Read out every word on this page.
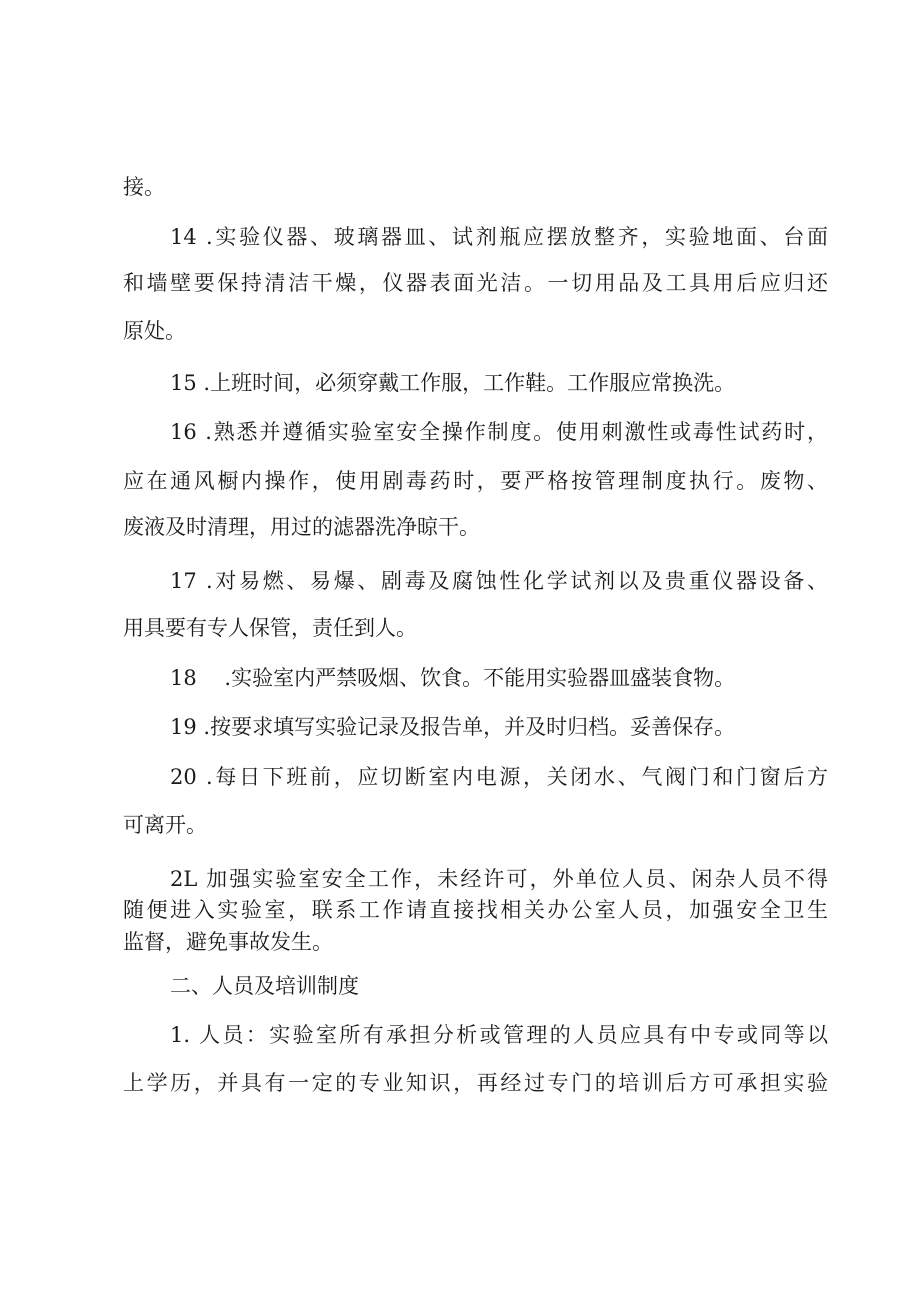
接。
14 .实验仪器、玻璃器皿、试剂瓶应摆放整齐，实验地面、台面
和墙壁要保持清洁干燥，仪器表面光洁。一切用品及工具用后应归还
原处。
15 .上班时间，必须穿戴工作服，工作鞋。工作服应常换洗。
16 .熟悉并遵循实验室安全操作制度。使用刺激性或毒性试药时，
应在通风橱内操作，使用剧毒药时，要严格按管理制度执行。废物、
废液及时清理，用过的滤器洗净晾干。
17 .对易燃、易爆、剧毒及腐蚀性化学试剂以及贵重仪器设备、
用具要有专人保管，责任到人。
18　 .实验室内严禁吸烟、饮食。不能用实验器皿盛装食物。
19 .按要求填写实验记录及报告单，并及时归档。妥善保存。
20 .每日下班前，应切断室内电源，关闭水、气阀门和门窗后方
可离开。
2L 加强实验室安全工作，未经许可，外单位人员、闲杂人员不得
随便进入实验室，联系工作请直接找相关办公室人员，加强安全卫生
监督，避免事故发生。
二、人员及培训制度
1. 人员：实验室所有承担分析或管理的人员应具有中专或同等以
上学历，并具有一定的专业知识，再经过专门的培训后方可承担实验
